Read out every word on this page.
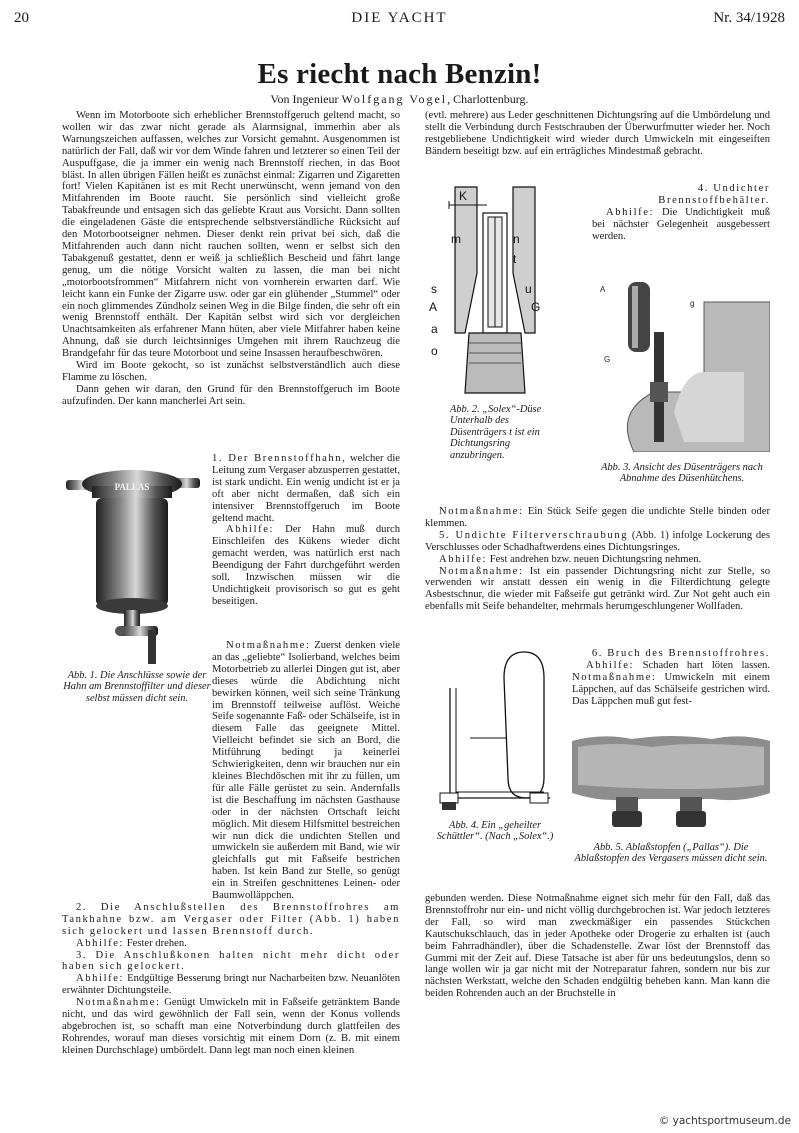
20	DIE YACHT	Nr. 34/1928
Es riecht nach Benzin!
Von Ingenieur Wolfgang Vogel, Charlottenburg.

Wenn im Motorboote sich erheblicher Brennstoffgeruch geltend macht, so wollen wir das zwar nicht gerade als Alarmsignal, immerhin aber als Warnungszeichen auffassen, welches zur Vorsicht gemahnt. Ausgenommen ist natürlich der Fall, daß wir vor dem Winde fahren und letzterer so einen Teil der Auspuffgase, die ja immer ein wenig nach Brennstoff riechen, in das Boot bläst. In allen übrigen Fällen heißt es zunächst einmal: Zigarren und Zigaretten fort! Vielen Kapitänen ist es mit Recht unerwünscht, wenn jemand von den Mitfahrenden im Boote raucht. Sie persönlich sind vielleicht große Tabakfreunde und entsagen sich das geliebte Kraut aus Vorsicht. Dann sollten die eingeladenen Gäste die entsprechende selbstverständliche Rücksicht auf den Motorbootseigner nehmen. Dieser denkt rein privat bei sich, daß die Mitfahrenden auch dann nicht rauchen sollten, wenn er selbst sich den Tabakgenuß gestattet, denn er weiß ja schließlich Bescheid und fährt lange genug, um die nötige Vorsicht walten zu lassen, die man bei nicht „motorbootsfrommen“ Mitfahrern nicht von vornherein erwarten darf. Wie leicht kann ein Funke der Zigarre usw. oder gar ein glühender „Stummel“ oder ein noch glimmendes Zündholz seinen Weg in die Bilge finden, die sehr oft ein wenig Brennstoff enthält. Der Kapitän selbst wird sich vor dergleichen Unachtsamkeiten als erfahrener Mann hüten, aber viele Mitfahrer haben keine Ahnung, daß sie durch leichtsinniges Umgehen mit ihrem Rauchzeug die Brandgefahr für das teure Motorboot und seine Insassen heraufbeschwören.

Wird im Boote gekocht, so ist zunächst selbstverständlich auch diese Flamme zu löschen.

Dann gehen wir daran, den Grund für den Brennstoffgeruch im Boote aufzufinden. Der kann mancherlei Art sein.

PALLAS
Abb. 1. Die Anschlüsse sowie der Hahn am Brennstoffilter und dieser selbst müssen dicht sein.

1. Der Brennstoffhahn, welcher die Leitung zum Vergaser abzusperren gestattet, ist stark undicht. Ein wenig undicht ist er ja oft aber nicht dermaßen, daß sich ein intensiver Brennstoffgeruch im Boote geltend macht.

Abhilfe: Der Hahn muß durch Einschleifen des Kükens wieder dicht gemacht werden, was natürlich erst nach Beendigung der Fahrt durchgeführt werden soll. Inzwischen müssen wir die Undichtigkeit provisorisch so gut es geht beseitigen.

Notmaßnahme: Zuerst denken viele an das „geliebte“ Isolierband, welches beim Motorbetrieb zu allerlei Dingen gut ist, aber dieses würde die Abdichtung nicht bewirken können, weil sich seine Tränkung im Brennstoff teilweise auflöst. Weiche Seife sogenannte Faß- oder Schälseife, ist in diesem Falle das geeignete Mittel. Vielleicht befindet sie sich an Bord, die Mitführung bedingt ja keinerlei Schwierigkeiten, denn wir brauchen nur ein kleines Blechdöschen mit ihr zu füllen, um für alle Fälle gerüstet zu sein. Andernfalls ist die Beschaffung im nächsten Gasthause oder in der nächsten Ortschaft leicht möglich. Mit diesem Hilfsmittel bestreichen wir nun dick die undichten Stellen und umwickeln sie außerdem mit Band, wie wir gleichfalls gut mit Faßseife bestrichen haben. Ist kein Band zur Stelle, so genügt ein in Streifen geschnittenes Leinen- oder Baumwolläppchen.

2. Die Anschlußstellen des Brennstoffrohres am Tankhahne bzw. am Vergaser oder Filter (Abb. 1) haben sich gelockert und lassen Brennstoff durch.

Abhilfe: Fester drehen.

3. Die Anschlußkonen halten nicht mehr dicht oder haben sich gelockert.

Abhilfe: Endgültige Besserung bringt nur Nacharbeiten bzw. Neuanlöten erwähnter Dichtungsteile.

Notmaßnahme: Genügt Umwickeln mit in Faßseife getränktem Bande nicht, und das wird gewöhnlich der Fall sein, wenn der Konus vollends abgebrochen ist, so schafft man eine Notverbindung durch glattfeilen des Rohrendes, worauf man dieses vorsichtig mit einem Dorn (z. B. mit einem kleinen Durchschlage) umbördelt. Dann legt man noch einen kleinen

(evtl. mehrere) aus Leder geschnittenen Dichtungsring auf die Umbördelung und stellt die Verbindung durch Festschrauben der Überwurfmutter wieder her. Noch restgebliebene Undichtigkeit wird wieder durch Umwickeln mit eingeseiften Bändern beseitigt bzw. auf ein erträgliches Mindestmaß gebracht.

K
m	n
t
s	u
A	G
a
o
Abb. 2. „Solex“-Düse Unterhalb des Düsenträgers t ist ein Dichtungsring anzubringen.

4. Undichter Brennstoffbehälter.

Abhilfe: Die Undichtigkeit muß bei nächster Gelegenheit ausgebessert werden.

A
g
G
Abb. 3. Ansicht des Düsenträgers nach Abnahme des Düsenhütchens.

Notmaßnahme: Ein Stück Seife gegen die undichte Stelle binden oder klemmen.

5. Undichte Filterverschraubung (Abb. 1) infolge Lockerung des Verschlusses oder Schadhaftwerdens eines Dichtungsringes.

Abhilfe: Fest andrehen bzw. neuen Dichtungsring nehmen.

Notmaßnahme: Ist ein passender Dichtungsring nicht zur Stelle, so verwenden wir anstatt dessen ein wenig in die Filterdichtung gelegte Asbestschnur, die wieder mit Faßseife gut getränkt wird. Zur Not geht auch ein ebenfalls mit Seife behandelter, mehrmals herumgeschlungener Wollfaden.

Abb. 4. Ein „geheilter Schüttler“. (Nach „Solex“.)

6. Bruch des Brennstoffrohres.

Abhilfe: Schaden hart löten lassen. Notmaßnahme: Umwickeln mit einem Läppchen, auf das Schälseife gestrichen wird. Das Läppchen muß gut fest-

Abb. 5. Ablaßstopfen („Pallas“). Die Ablaßstopfen des Vergasers müssen dicht sein.

gebunden werden. Diese Notmaßnahme eignet sich mehr für den Fall, daß das Brennstoffrohr nur ein- und nicht völlig durchgebrochen ist. War jedoch letzteres der Fall, so wird man zweckmäßiger ein passendes Stückchen Kautschukschlauch, das in jeder Apotheke oder Drogerie zu erhalten ist (auch beim Fahrradhändler), über die Schadenstelle. Zwar löst der Brennstoff das Gummi mit der Zeit auf. Diese Tatsache ist aber für uns bedeutungslos, denn so lange wollen wir ja gar nicht mit der Notreparatur fahren, sondern nur bis zur nächsten Werkstatt, welche den Schaden endgültig beheben kann. Man kann die beiden Rohrenden auch an der Bruchstelle in

© yachtsportmuseum.de
